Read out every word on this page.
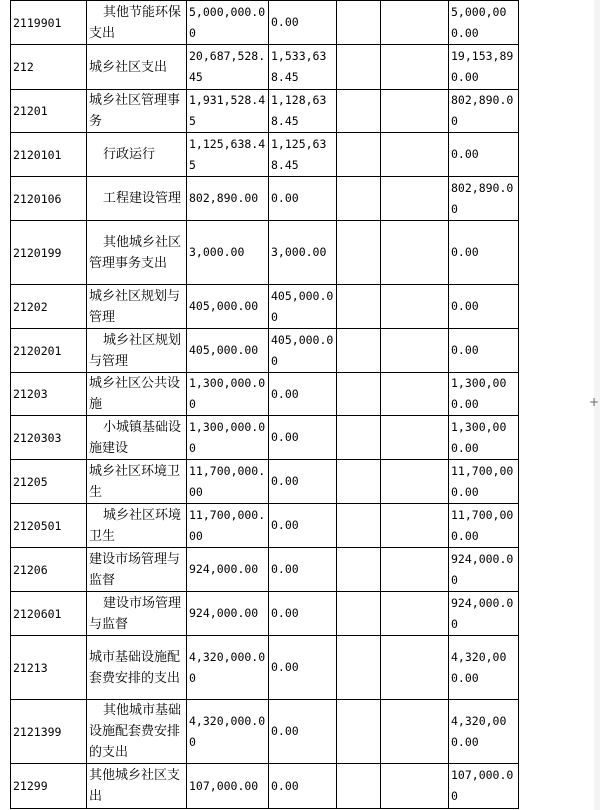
2119901	其他节能环保支出	5,000,000.00	0.00			5,000,000.00
212	城乡社区支出	20,687,528.45	1,533,638.45			19,153,890.00
21201	城乡社区管理事务	1,931,528.45	1,128,638.45			802,890.00
2120101	行政运行	1,125,638.45	1,125,638.45			0.00
2120106	工程建设管理	802,890.00	0.00			802,890.00
2120199	其他城乡社区管理事务支出	3,000.00	3,000.00			0.00
21202	城乡社区规划与管理	405,000.00	405,000.00			0.00
2120201	城乡社区规划与管理	405,000.00	405,000.00			0.00
21203	城乡社区公共设施	1,300,000.00	0.00			1,300,000.00
2120303	小城镇基础设施建设	1,300,000.00	0.00			1,300,000.00
21205	城乡社区环境卫生	11,700,000.00	0.00			11,700,000.00
2120501	城乡社区环境卫生	11,700,000.00	0.00			11,700,000.00
21206	建设市场管理与监督	924,000.00	0.00			924,000.00
2120601	建设市场管理与监督	924,000.00	0.00			924,000.00
21213	城市基础设施配套费安排的支出	4,320,000.00	0.00			4,320,000.00
2121399	其他城市基础设施配套费安排的支出	4,320,000.00	0.00			4,320,000.00
21299	其他城乡社区支出	107,000.00	0.00			107,000.00
+
